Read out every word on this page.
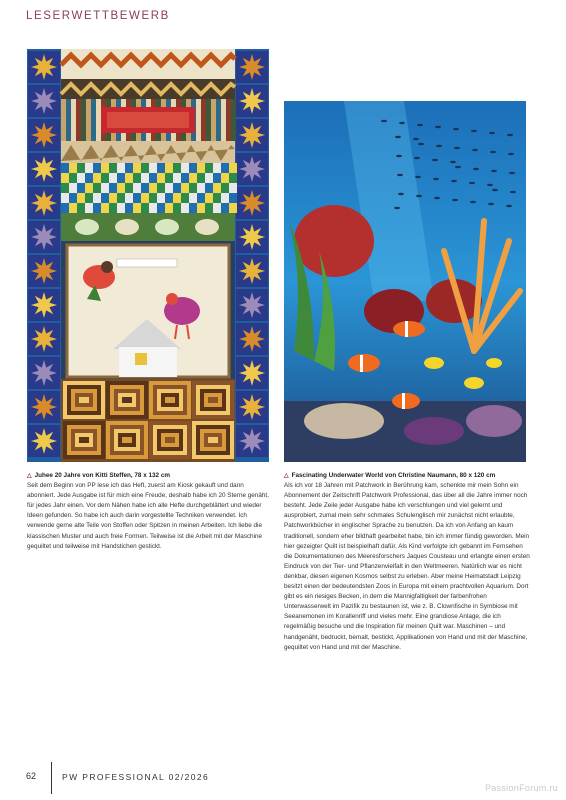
LESERWETTBEWERB
△ Juhee 20 Jahre von Kitti Steffen, 78 x 132 cm
Seit dem Beginn von PP lese ich das Heft, zuerst am Kiosk gekauft und dann abonniert. Jede Ausgabe ist für mich eine Freude, deshalb habe ich 20 Sterne genäht, für jedes Jahr einen. Vor dem Nähen habe ich alle Hefte durchgeblättert und wieder Ideen gefunden. So habe ich auch darin vorgestellte Techniken verwendet. Ich verwende gerne alte Teile von Stoffen oder Spitzen in meinen Arbeiten. Ich liebe die klassischen Muster und auch freie Formen. Teilweise ist die Arbeit mit der Maschine gequiltet und teilweise mit Handstichen gestickt.
△ Fascinating Underwater World von Christine Naumann, 80 x 120 cm
Als ich vor 18 Jahren mit Patchwork in Berührung kam, schenkte mir mein Sohn ein Abonnement der Zeitschrift Patchwork Professional, das über all die Jahre immer noch besteht. Jede Zeile jeder Ausgabe habe ich verschlungen und viel gelernt und ausprobiert, zumal mein sehr schmales Schulenglisch mir zunächst nicht erlaubte, Patchworkbücher in englischer Sprache zu benutzen. Da ich von Anfang an kaum traditionell, sondern eher bildhaft gearbeitet habe, bin ich immer fündig geworden. Mein hier gezeigter Quilt ist beispielhaft dafür. Als Kind verfolgte ich gebannt im Fernsehen die Dokumentationen des Meeresforschers Jaques Cousteau und erlangte einen ersten Eindruck von der Tier- und Pflanzenvielfalt in den Weltmeeren. Natürlich war es nicht denkbar, diesen eigenen Kosmos selbst zu erleben. Aber meine Heimatstadt Leipzig besitzt einen der bedeutendsten Zoos in Europa mit einem prachtvollen Aquarium. Dort gibt es ein riesiges Becken, in dem die Mannigfaltigkeit der farbenfrohen Unterwasserwelt im Pazifik zu bestaunen ist, wie z. B. Clownfische in Symbiose mit Seeanemonen im Korallenriff und vieles mehr. Eine grandiose Anlage, die ich regelmäßig besuche und die Inspiration für meinen Quilt war. Maschinen – und handgenäht, bedruckt, bemalt, bestickt, Applikationen von Hand und mit der Maschine, gequiltet von Hand und mit der Maschine.
62	PW PROFESSIONAL 02/2026
PassionForum.ru
